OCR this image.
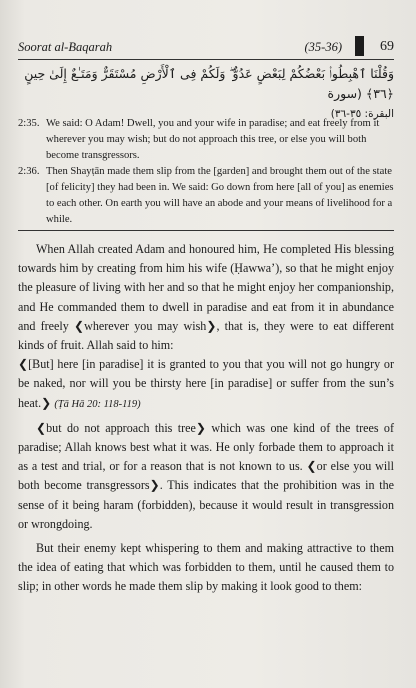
Soorat al-Baqarah	(35-36)	69
وَقُلْنَا ٱهْبِطُوا۟ بَعْضُكُمْ لِبَعْضٍ عَدُوٌّ ۖ وَلَكُمْ فِى ٱلْأَرْضِ مُسْتَقَرٌّ وَمَتَـٰعٌ إِلَىٰ حِينٍ ﴿٣٦﴾ (سورة
البقرة: ٣٥-٣٦)
2:35. We said: O Adam! Dwell, you and your wife in paradise; and eat freely from it wherever you may wish; but do not approach this tree, or else you will both become transgressors.
2:36. Then Shayṭān made them slip from the [garden] and brought them out of the state [of felicity] they had been in. We said: Go down from here [all of you] as enemies to each other. On earth you will have an abode and your means of livelihood for a while.

When Allah created Adam and honoured him, He completed His blessing towards him by creating from him his wife (Ḥawwa’), so that he might enjoy the pleasure of living with her and so that he might enjoy her companionship, and He commanded them to dwell in paradise and eat from it in abundance and freely ❮wherever you may wish❯, that is, they were to eat different kinds of fruit. Allah said to him:

❮[But] here [in paradise] it is granted to you that you will not go hungry or be naked, nor will you be thirsty here [in paradise] or suffer from the sun’s heat.❯ (Ṭā Hā 20: 118-119)

❮but do not approach this tree❯ which was one kind of the trees of paradise; Allah knows best what it was. He only forbade them to approach it as a test and trial, or for a reason that is not known to us. ❮or else you will both become transgressors❯. This indicates that the prohibition was in the sense of it being haram (forbidden), because it would result in transgression or wrongdoing.

But their enemy kept whispering to them and making attractive to them the idea of eating that which was forbidden to them, until he caused them to slip; in other words he made them slip by making it look good to them:
